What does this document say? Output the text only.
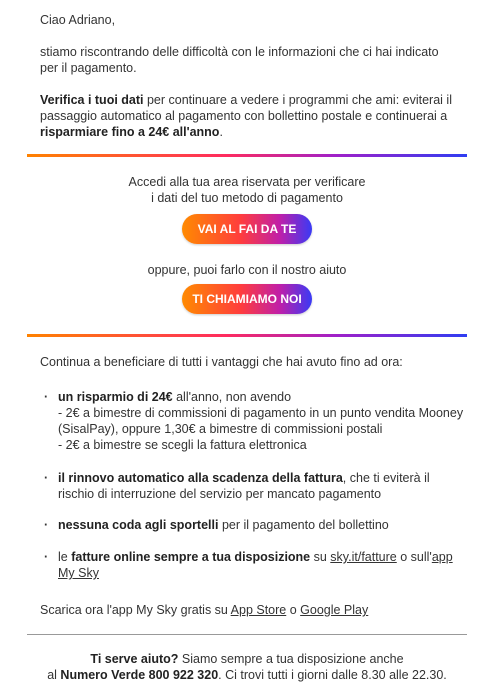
Ciao Adriano,

stiamo riscontrando delle difficoltà con le informazioni che ci hai indicato per il pagamento.

Verifica i tuoi dati per continuare a vedere i programmi che ami: eviterai il passaggio automatico al pagamento con bollettino postale e continuerai a risparmiare fino a 24€ all'anno.

Accedi alla tua area riservata per verificare

i dati del tuo metodo di pagamento

VAI AL FAI DA TE

oppure, puoi farlo con il nostro aiuto

TI CHIAMIAMO NOI

Continua a beneficiare di tutti i vantaggi che hai avuto fino ad ora:

· un risparmio di 24€ all'anno, non avendo
- 2€ a bimestre di commissioni di pagamento in un punto vendita Mooney (SisalPay), oppure 1,30€ a bimestre di commissioni postali
- 2€ a bimestre se scegli la fattura elettronica
· il rinnovo automatico alla scadenza della fattura, che ti eviterà il rischio di interruzione del servizio per mancato pagamento
· nessuna coda agli sportelli per il pagamento del bollettino
· le fatture online sempre a tua disposizione su sky.it/fatture o sull'app My Sky

Scarica ora l'app My Sky gratis su App Store o Google Play

Ti serve aiuto? Siamo sempre a tua disposizione anche

al Numero Verde 800 922 320. Ci trovi tutti i giorni dalle 8.30 alle 22.30.
